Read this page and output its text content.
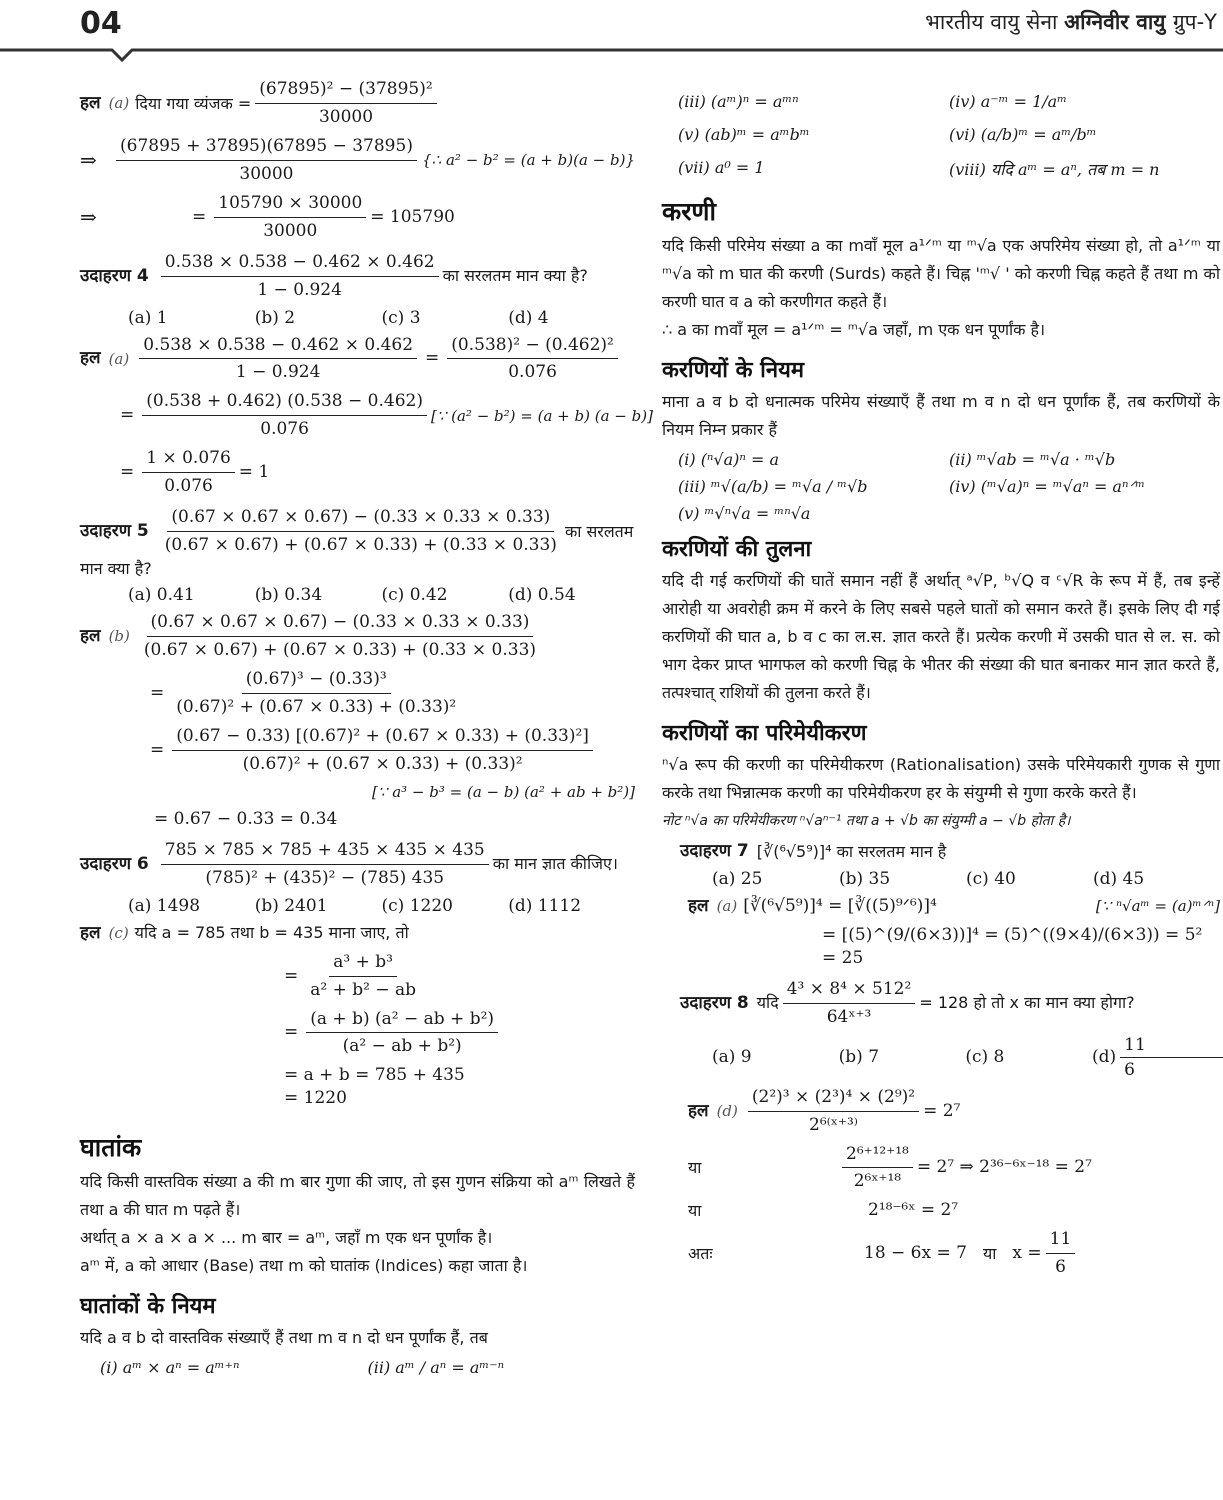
04	भारतीय वायु सेना अग्निवीर वायु ग्रुप-Y
हल (a) दिया गया व्यंजक = $\frac{\text{(67895)² − (37895)²}}{30000}$
⇒	$\frac{(67895 + 37895)(67895 - 37895)}{30000}$ {∴ a² − b² = (a + b)(a − b)}
⇒	= $\frac{105790 \times 30000}{30000} = 105790$
उदाहरण $4 \frac{0.538 \times 0.538 - 0.462 \times 0.462}{1 - 0.924}$ का सरलतम मान क्या है?
(a) 1	(b) 2	(c) 3	(d) 4
हल $(a) \frac{0.538 \times 0.538 - 0.462 \times 0.462}{1 - 0.924} = \frac{\text{(0.538)² − (0.462)²}}{0.076}$
= $\frac{(0.538 + 0.462) (0.538 - 0.462)}{0.076}$ [∵ (a² − b²) = (a + b) (a − b)]
= $\frac{1 \times 0.076}{0.076} = 1$
उदाहरण $5 \frac{(0.67 \times 0.67 \times 0.67) - (0.33 \times 0.33 \times 0.33)}{(0.67 \times 0.67) + (0.67 \times 0.33) + (0.33 \times 0.33)}$ का सरलतम
मान क्या है?
(a) 0.41	(b) 0.34	(c) 0.42	(d) 0.54
हल $(b) \frac{(0.67 \times 0.67 \times 0.67) - (0.33 \times 0.33 \times 0.33)}{(0.67 \times 0.67) + (0.67 \times 0.33) + (0.33 \times 0.33)}$
= $\frac{\text{(0.67)³ − (0.33)³}}{\text{(0.67)² + (0.67 × 0.33) + (0.33)²}}$
= $\frac{\text{(0.67 − 0.33) [(0.67)² + (0.67 × 0.33) + (0.33)²]}}{\text{(0.67)² + (0.67 × 0.33) + (0.33)²}}$
[∵ a³ − b³ = (a − b) (a² + ab + b²)]
= 0.67 − 0.33 = 0.34
उदाहरण $6 \frac{785 \times 785 \times 785 + 435 \times 435 \times 435}{\text{(785)² + (435)² − (785) 435}}$ का मान ज्ञात कीजिए।
(a) 1498	(b) 2401	(c) 1220	(d) 1112
हल (c) यदि a = 785 तथा b = 435 माना जाए, तो
= $\frac{\text{a³ + b³}}{\text{a² + b² − ab}}$
= $\frac{\text{(a + b) (a² − ab + b²)}}{\text{(a² − ab + b²)}}$
= a + b = 785 + 435
= 1220
घातांक
यदि किसी वास्तविक संख्या a की m बार गुणा की जाए, तो इस गुणन संक्रिया को aᵐ लिखते हैं तथा a की घात m पढ़ते हैं।
अर्थात् a × a × a × ... m बार = aᵐ, जहाँ m एक धन पूर्णांक है।
aᵐ में, a को आधार (Base) तथा m को घातांक (Indices) कहा जाता है।
घातांकों के नियम
यदि a व b दो वास्तविक संख्याएँ हैं तथा m व n दो धन पूर्णांक हैं, तब
(i) aᵐ × aⁿ = aᵐ⁺ⁿ	(ii) aᵐ / aⁿ = aᵐ⁻ⁿ
(iii) (aᵐ)ⁿ = aᵐⁿ	(iv) a⁻ᵐ = 1/aᵐ
(v) (ab)ᵐ = aᵐbᵐ	(vi) (a/b)ᵐ = aᵐ/bᵐ
(vii) a⁰ = 1	(viii) यदि aᵐ = aⁿ, तब m = n
करणी
यदि किसी परिमेय संख्या a का mवाँ मूल a¹ᐟᵐ या ᵐ√a एक अपरिमेय संख्या हो, तो a¹ᐟᵐ या ᵐ√a को m घात की करणी (Surds) कहते हैं। चिह्न 'ᵐ√ ' को करणी चिह्न कहते हैं तथा m को करणी घात व a को करणीगत कहते हैं।
∴ a का mवाँ मूल = a¹ᐟᵐ = ᵐ√a जहाँ, m एक धन पूर्णांक है।
करणियों के नियम
माना a व b दो धनात्मक परिमेय संख्याएँ हैं तथा m व n दो धन पूर्णांक हैं, तब करणियों के नियम निम्न प्रकार हैं
(i) (ⁿ√a)ⁿ = a	(ii) ᵐ√ab = ᵐ√a · ᵐ√b
(iii) ᵐ√(a/b) = ᵐ√a / ᵐ√b	(iv) (ᵐ√a)ⁿ = ᵐ√aⁿ = aⁿᐟᵐ
(v) ᵐ√ⁿ√a = ᵐⁿ√a
करणियों की तुलना
यदि दी गई करणियों की घातें समान नहीं हैं अर्थात् ᵃ√P, ᵇ√Q व ᶜ√R के रूप में हैं, तब इन्हें आरोही या अवरोही क्रम में करने के लिए सबसे पहले घातों को समान करते हैं। इसके लिए दी गई करणियों की घात a, b व c का ल.स. ज्ञात करते हैं। प्रत्येक करणी में उसकी घात से ल. स. को भाग देकर प्राप्त भागफल को करणी चिह्न के भीतर की संख्या की घात बनाकर मान ज्ञात करते हैं, तत्पश्चात् राशियों की तुलना करते हैं।
करणियों का परिमेयीकरण
ⁿ√a रूप की करणी का परिमेयीकरण (Rationalisation) उसके परिमेयकारी गुणक से गुणा करके तथा भिन्नात्मक करणी का परिमेयीकरण हर के संयुग्मी से गुणा करके करते हैं।
नोट ⁿ√a का परिमेयीकरण ⁿ√aⁿ⁻¹ तथा a + √b का संयुग्मी a − √b होता है।
उदाहरण 7 [∛(⁶√5⁹)]⁴ का सरलतम मान है
(a) 25	(b) 35	(c) 40	(d) 45
हल (a) [∛(⁶√5⁹)]⁴ = [∛((5)⁹ᐟ⁶)]⁴	[∵ ⁿ√aᵐ = (a)ᵐᐟⁿ]
= [(5)^(9/(6×3))]⁴ = (5)^((9×4)/(6×3)) = 5² = 25
उदाहरण 8 यदि $\frac{\text{4³ × 8⁴ × 512²}}{\text{64ˣ⁺³}} = 128$ हो तो x का मान क्या होगा?
(a) 9	(b) 7	(c) 8	$(d) \frac{11}{6}$
हल $(d) \frac{\text{(2²)³ × (2³)⁴ × (2⁹)²}}{\text{2⁶⁽ˣ⁺³⁾}} = 2^7$
या	$\frac{\text{2⁶⁺¹²⁺¹⁸}}{\text{2⁶ˣ⁺¹⁸}} = 2^7$ ⇒ 2³⁶⁻⁶ˣ⁻¹⁸ = 2⁷
या	2¹⁸⁻⁶ˣ = 2⁷
अतः	18 − 6x = 7 या $x = \frac{11}{6}$
